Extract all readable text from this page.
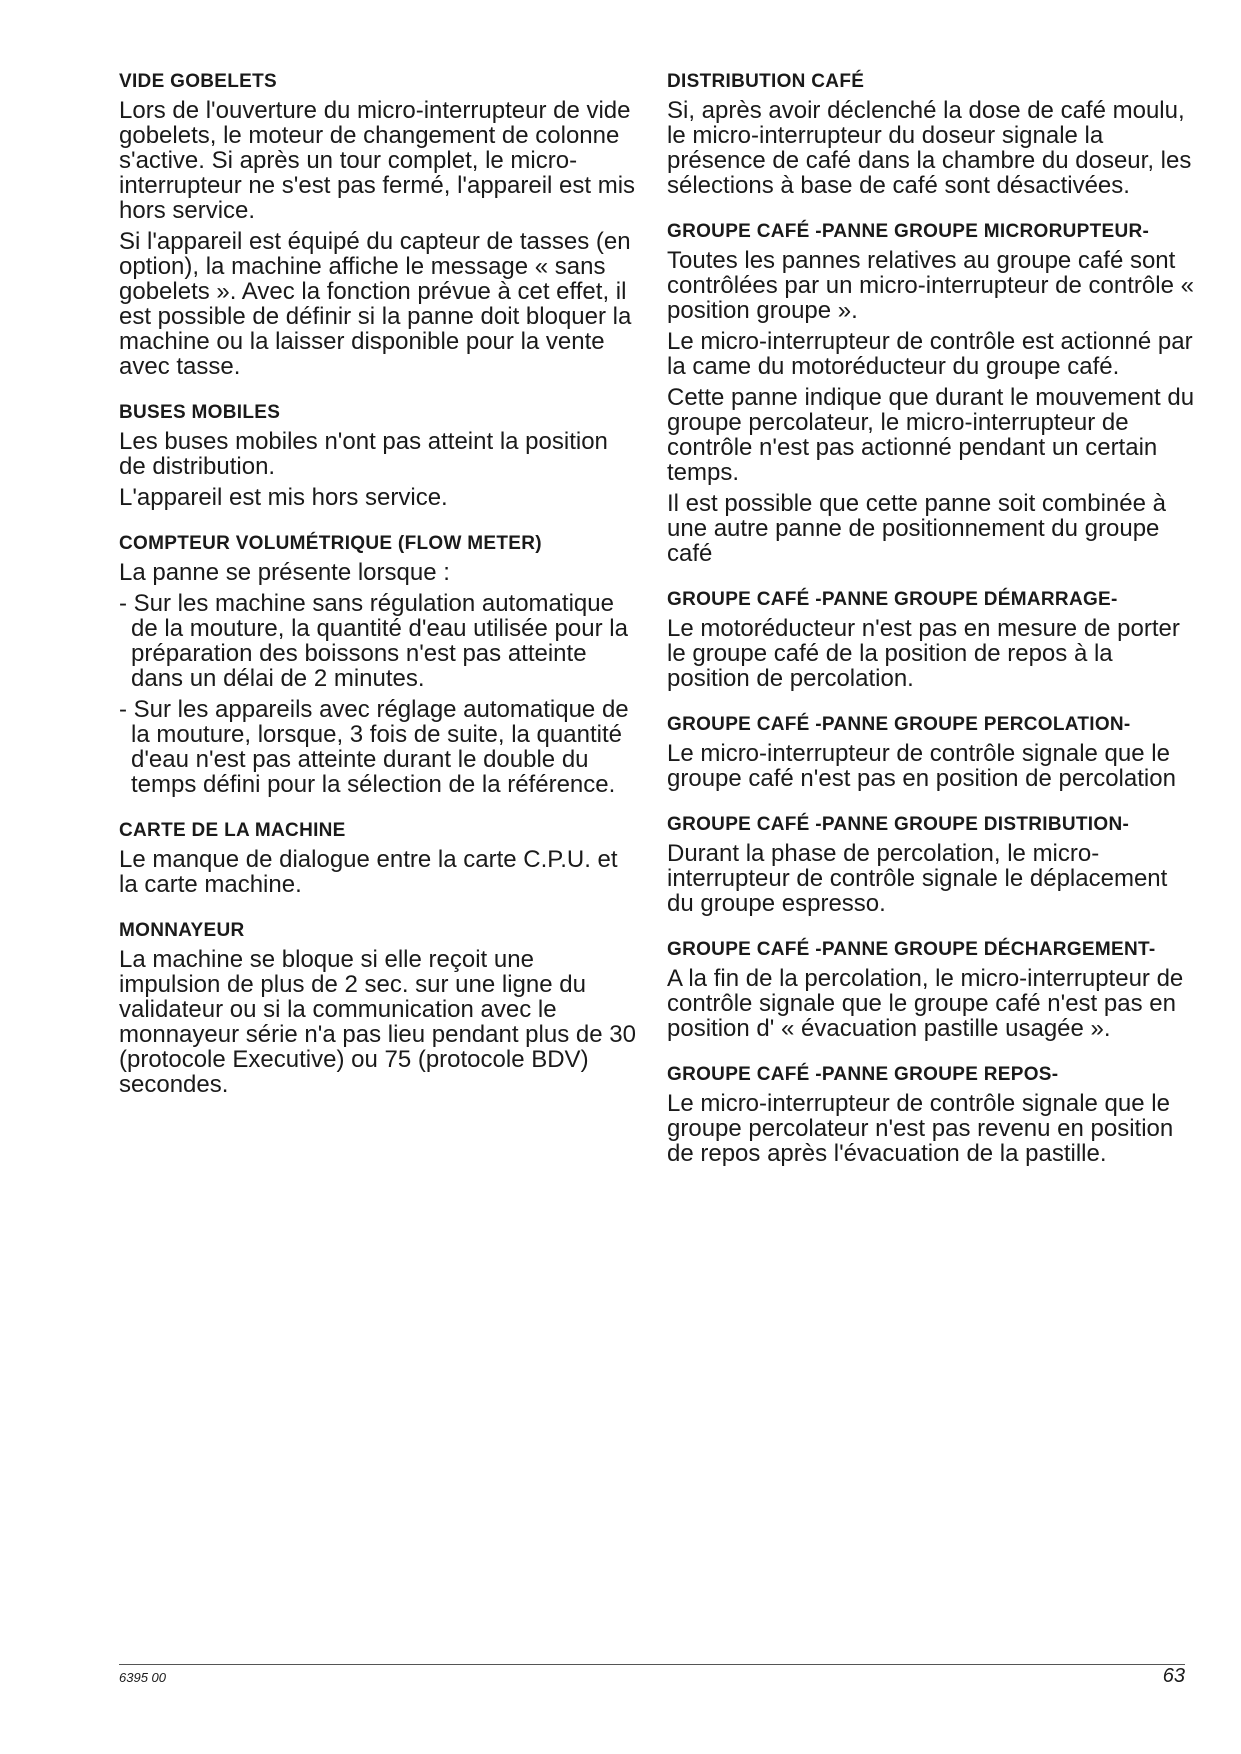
VIDE GOBELETS

Lors de l'ouverture du micro-interrupteur de vide gobelets, le moteur de changement de colonne s'active. Si après un tour complet, le micro-interrupteur ne s'est pas fermé, l'appareil est mis hors service.

Si l'appareil est équipé du capteur de tasses (en option), la machine affiche le message « sans gobelets ». Avec la fonction prévue à cet effet, il est possible de définir si la panne doit bloquer la machine ou la laisser disponible pour la vente avec tasse.

BUSES MOBILES

Les buses mobiles n'ont pas atteint la position de distribution.

L'appareil est mis hors service.

COMPTEUR VOLUMÉTRIQUE (FLOW METER)

La panne se présente lorsque :

- Sur les machine sans régulation automatique de la mouture, la quantité d'eau utilisée pour la préparation des boissons n'est pas atteinte dans un délai de 2 minutes.

- Sur les appareils avec réglage automatique de la mouture, lorsque, 3 fois de suite, la quantité d'eau n'est pas atteinte durant le double du temps défini pour la sélection de la référence.

CARTE DE LA MACHINE

Le manque de dialogue entre la carte C.P.U. et la carte machine.

MONNAYEUR

La machine se bloque si elle reçoit une impulsion de plus de 2 sec. sur une ligne du validateur ou si la communication avec le monnayeur série n'a pas lieu pendant plus de 30 (protocole Executive) ou 75 (protocole BDV) secondes.

DISTRIBUTION CAFÉ

Si, après avoir déclenché la dose de café moulu, le micro-interrupteur du doseur signale la présence de café dans la chambre du doseur, les sélections à base de café sont désactivées.

GROUPE CAFÉ -PANNE GROUPE MICRORUPTEUR-

Toutes les pannes relatives au groupe café sont contrôlées par un micro-interrupteur de contrôle « position groupe ».

Le micro-interrupteur de contrôle est actionné par la came du motoréducteur du groupe café.

Cette panne indique que durant le mouvement du groupe percolateur, le micro-interrupteur de contrôle n'est pas actionné pendant un certain temps.

Il est possible que cette panne soit combinée à une autre panne de positionnement du groupe café

GROUPE CAFÉ -PANNE GROUPE DÉMARRAGE-

Le motoréducteur n'est pas en mesure de porter le groupe café de la position de repos à la position de percolation.

GROUPE CAFÉ -PANNE GROUPE PERCOLATION-

Le micro-interrupteur de contrôle signale que le groupe café n'est pas en position de percolation

GROUPE CAFÉ -PANNE GROUPE DISTRIBUTION-

Durant la phase de percolation, le micro-interrupteur de contrôle signale le déplacement du groupe espresso.

GROUPE CAFÉ -PANNE GROUPE DÉCHARGEMENT-

A la fin de la percolation, le micro-interrupteur de contrôle signale que le groupe café n'est pas en position d' « évacuation pastille usagée ».

GROUPE CAFÉ -PANNE GROUPE REPOS-

Le micro-interrupteur de contrôle signale que le groupe percolateur n'est pas revenu en position de repos après l'évacuation de la pastille.

6395 00	63
